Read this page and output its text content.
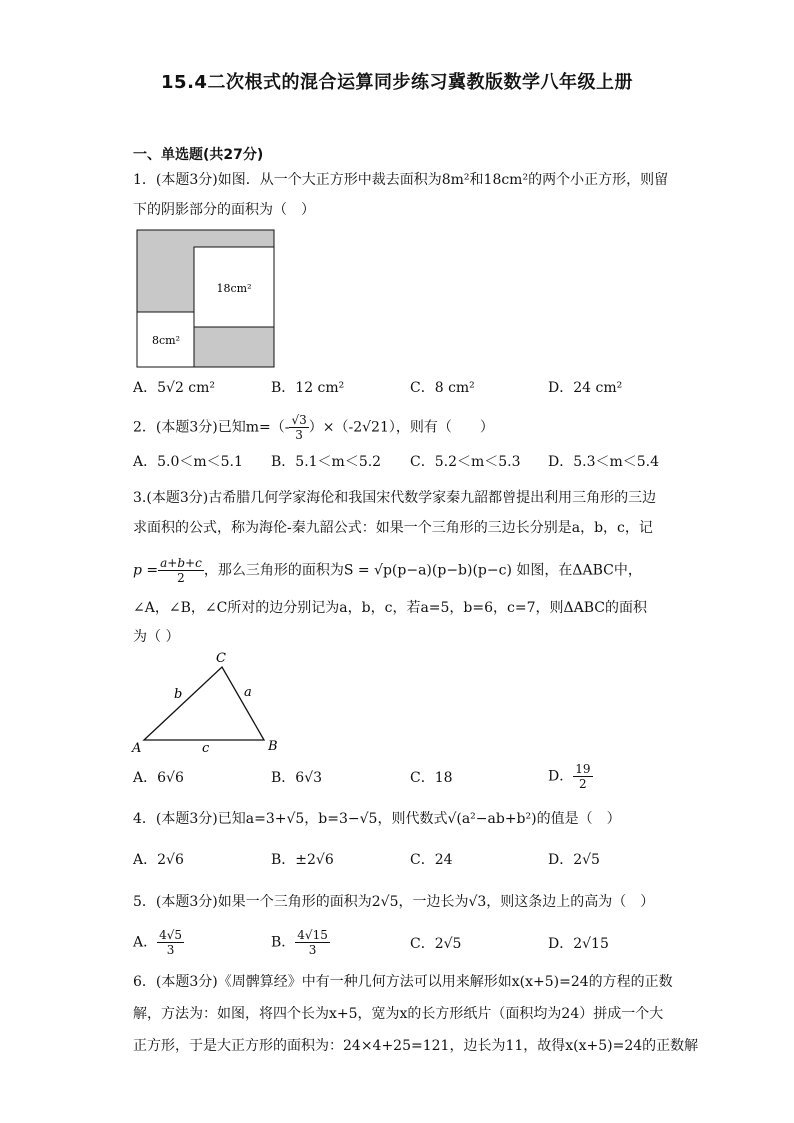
15.4二次根式的混合运算同步练习冀教版数学八年级上册
一、单选题(共27分)
1．(本题3分)如图．从一个大正方形中裁去面积为8m²和18cm²的两个小正方形，则留
下的阴影部分的面积为（　）
18cm²
8cm²
A．5√2 cm²	B．12 cm²	C．8 cm²	D．24 cm²
2．(本题3分)已知$m=(- \frac{√3}{3} )\times(-2√21)$，则有（　　）
A．5.0＜m＜5.1 B．5.1＜m＜5.2 C．5.2＜m＜5.3 D．5.3＜m＜5.4
3.(本题3分)古希腊几何学家海伦和我国宋代数学家秦九韶都曾提出利用三角形的三边
求面积的公式，称为海伦-秦九韶公式：如果一个三角形的三边长分别是a，b，c，记
$p = \frac{a+b+c}{2}$ ，那么三角形的面积为S = √p(p−a)(p−b)(p−c) 如图，在ΔABC中，
∠A，∠B，∠C所对的边分别记为a，b，c，若a=5，b=6，c=7，则ΔABC的面积
为（ ）
A	B
C
a
b
c
A．6√6	B．6√3	C．18	D． $\frac{19}{2}$
4．(本题3分)已知a=3+√5，b=3−√5，则代数式√(a²−ab+b²)的值是（　）
A．2√6	B．±2√6	C．24	D．2√5
5．(本题3分)如果一个三角形的面积为2√5，一边长为√3，则这条边上的高为（　）
A． $\frac{4√5}{3}$	B． $\frac{4√15}{3}$	C．2√5	D．2√15
6．(本题3分)《周髀算经》中有一种几何方法可以用来解形如x(x+5)=24的方程的正数
解，方法为：如图，将四个长为x+5，宽为x的长方形纸片（面积均为24）拼成一个大
正方形，于是大正方形的面积为：24×4+25=121，边长为11，故得x(x+5)=24的正数解
